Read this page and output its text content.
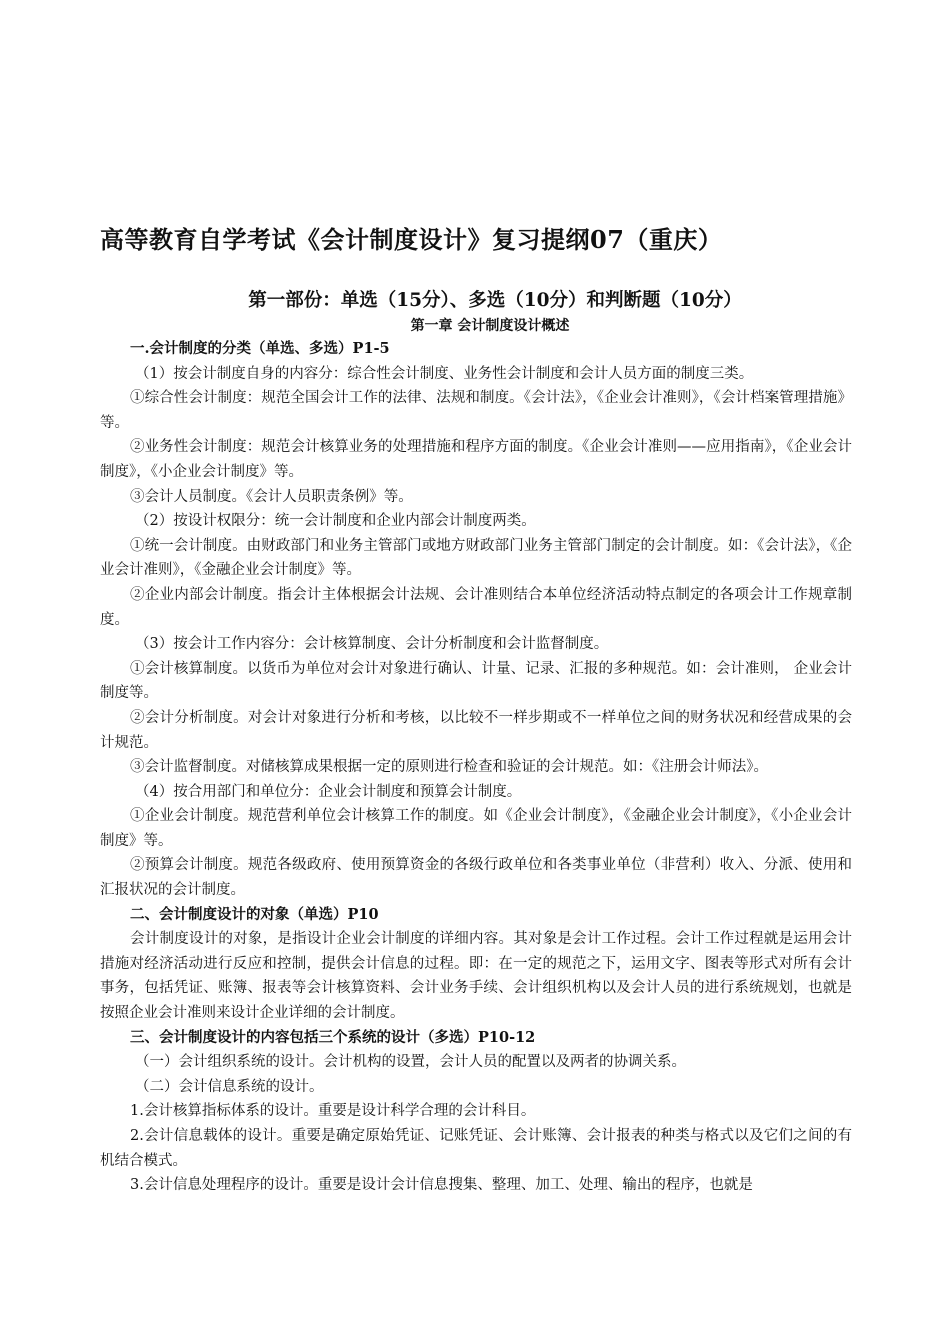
高等教育自学考试《会计制度设计》复习提纲07（重庆）
第一部份：单选（15分）、多选（10分）和判断题（10分）
第一章 会计制度设计概述

一.会计制度的分类（单选、多选）P1-5

（1）按会计制度自身的内容分：综合性会计制度、业务性会计制度和会计人员方面的制度三类。

①综合性会计制度：规范全国会计工作的法律、法规和制度。《会计法》，《企业会计准则》，《会计档案管理措施》等。

②业务性会计制度：规范会计核算业务的处理措施和程序方面的制度。《企业会计准则——应用指南》，《企业会计制度》，《小企业会计制度》等。

③会计人员制度。《会计人员职责条例》等。

（2）按设计权限分：统一会计制度和企业内部会计制度两类。

①统一会计制度。由财政部门和业务主管部门或地方财政部门业务主管部门制定的会计制度。如：《会计法》，《企业会计准则》，《金融企业会计制度》等。

②企业内部会计制度。指会计主体根据会计法规、会计准则结合本单位经济活动特点制定的各项会计工作规章制度。

（3）按会计工作内容分：会计核算制度、会计分析制度和会计监督制度。

①会计核算制度。以货币为单位对会计对象进行确认、计量、记录、汇报的多种规范。如：会计准则， 企业会计制度等。

②会计分析制度。对会计对象进行分析和考核，以比较不一样步期或不一样单位之间的财务状况和经营成果的会计规范。

③会计监督制度。对储核算成果根据一定的原则进行检查和验证的会计规范。如：《注册会计师法》。

（4）按合用部门和单位分：企业会计制度和预算会计制度。

①企业会计制度。规范营利单位会计核算工作的制度。如《企业会计制度》，《金融企业会计制度》，《小企业会计制度》等。

②预算会计制度。规范各级政府、使用预算资金的各级行政单位和各类事业单位（非营利）收入、分派、使用和汇报状况的会计制度。

二、会计制度设计的对象（单选）P10

会计制度设计的对象，是指设计企业会计制度的详细内容。其对象是会计工作过程。会计工作过程就是运用会计措施对经济活动进行反应和控制，提供会计信息的过程。即：在一定的规范之下，运用文字、图表等形式对所有会计事务，包括凭证、账簿、报表等会计核算资料、会计业务手续、会计组织机构以及会计人员的进行系统规划，也就是按照企业会计准则来设计企业详细的会计制度。

三、会计制度设计的内容包括三个系统的设计（多选）P10-12

（一）会计组织系统的设计。会计机构的设置，会计人员的配置以及两者的协调关系。

（二）会计信息系统的设计。

1.会计核算指标体系的设计。重要是设计科学合理的会计科目。

2.会计信息载体的设计。重要是确定原始凭证、记账凭证、会计账簿、会计报表的种类与格式以及它们之间的有机结合模式。

3.会计信息处理程序的设计。重要是设计会计信息搜集、整理、加工、处理、输出的程序，也就是
